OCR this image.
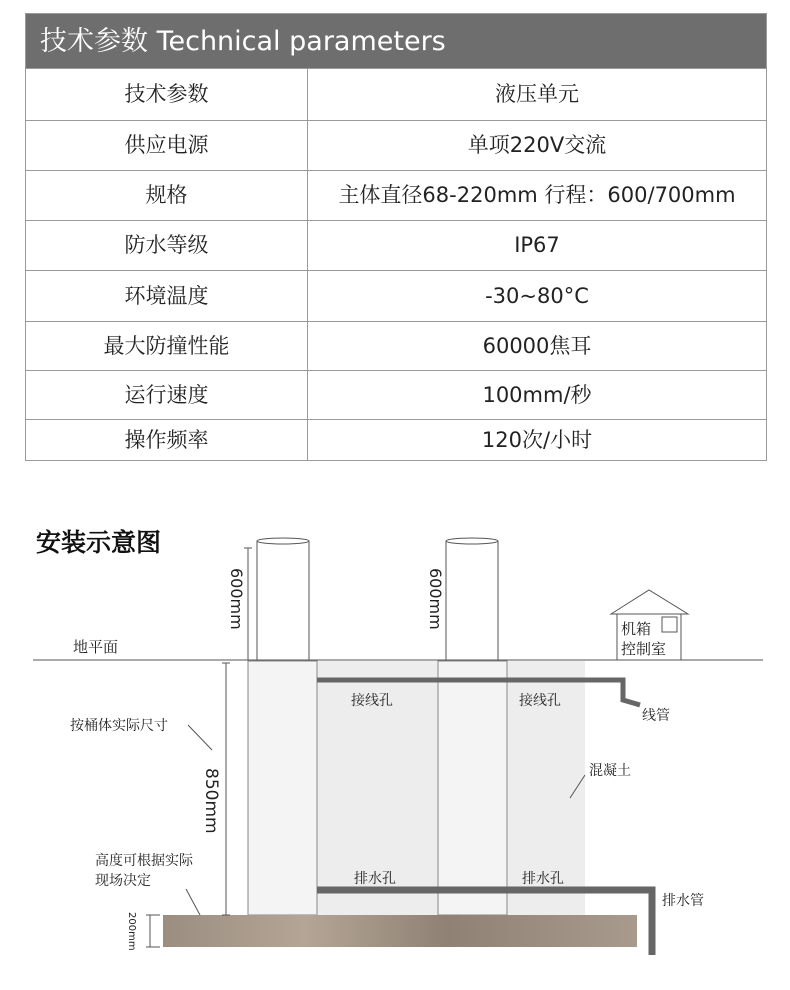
技术参数 Technical parameters
技术参数	液压单元
供应电源	单项220V交流
规格	主体直径68-220mm 行程：600/700mm
防水等级	IP67
环境温度	-30~80°C
最大防撞性能	60000焦耳
运行速度	100mm/秒
操作频率	120次/小时
安装示意图
地平面
600mm	600mm
按桶体实际尺寸
850mm
高度可根据实际
现场决定
200mm
接线孔	接线孔
排水孔	排水孔
混凝土
线管
排水管
机箱
控制室
